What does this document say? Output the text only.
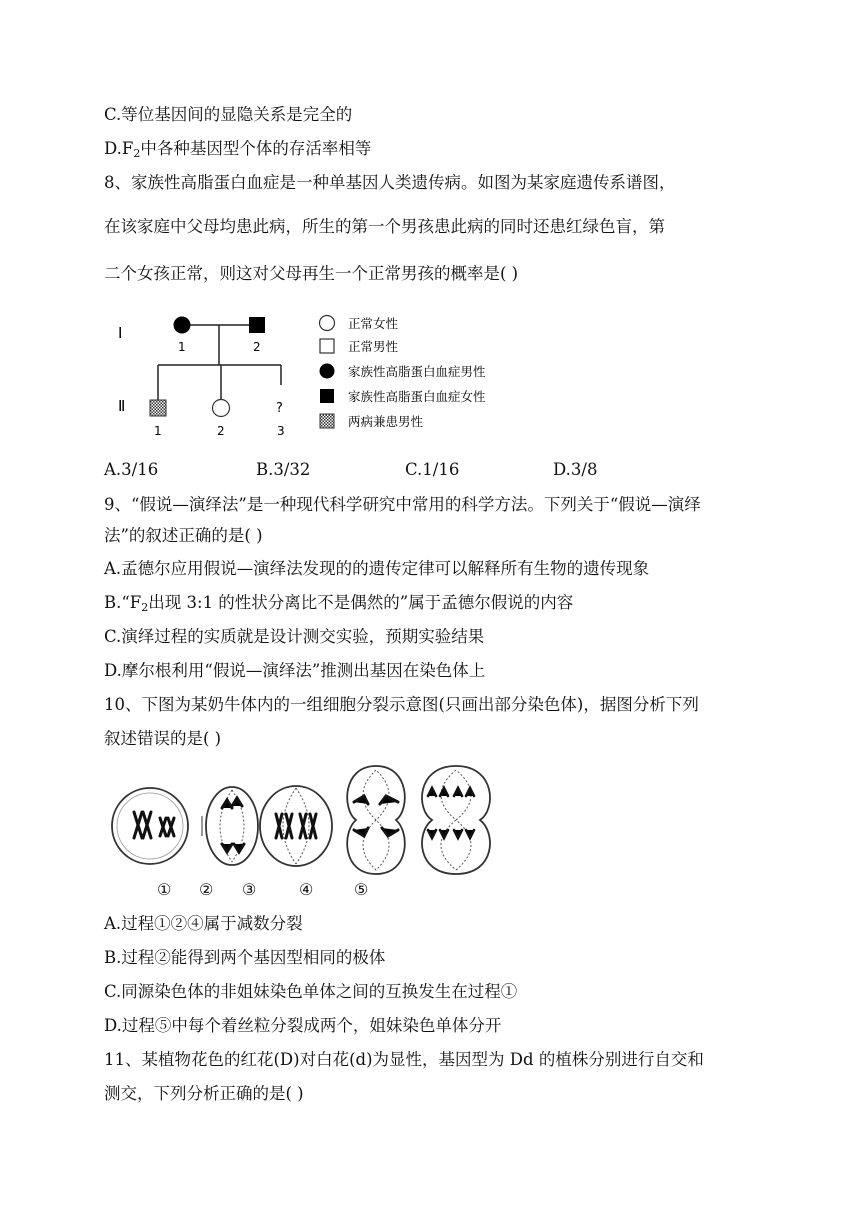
C.等位基因间的显隐关系是完全的
$D.F_2$中各种基因型个体的存活率相等
8、家族性高脂蛋白血症是一种单基因人类遗传病。如图为某家庭遗传系谱图，
在该家庭中父母均患此病，所生的第一个男孩患此病的同时还患红绿色盲，第
二个女孩正常，则这对父母再生一个正常男孩的概率是( )
Ⅰ
Ⅱ	?
1	2
1	2	3
正常女性
正常男性
家族性高脂蛋白血症男性
家族性高脂蛋白血症女性
两病兼患男性
A.3/16	B.3/32	C.1/16	D.3/8
9、“假说—演绎法”是一种现代科学研究中常用的科学方法。下列关于“假说—演绎
法”的叙述正确的是( )
A.孟德尔应用假说—演绎法发现的的遗传定律可以解释所有生物的遗传现象
$B.“F_2$出现 3:1 的性状分离比不是偶然的”属于孟德尔假说的内容
C.演绎过程的实质就是设计测交实验，预期实验结果
D.摩尔根利用“假说—演绎法”推测出基因在染色体上
10、下图为某奶牛体内的一组细胞分裂示意图(只画出部分染色体)，据图分析下列
叙述错误的是( )
① ② ③	④	⑤
A.过程①②④属于减数分裂
B.过程②能得到两个基因型相同的极体
C.同源染色体的非姐妹染色单体之间的互换发生在过程①
D.过程⑤中每个着丝粒分裂成两个，姐妹染色单体分开
11、某植物花色的红花(D)对白花(d)为显性，基因型为 Dd 的植株分别进行自交和
测交，下列分析正确的是( )
